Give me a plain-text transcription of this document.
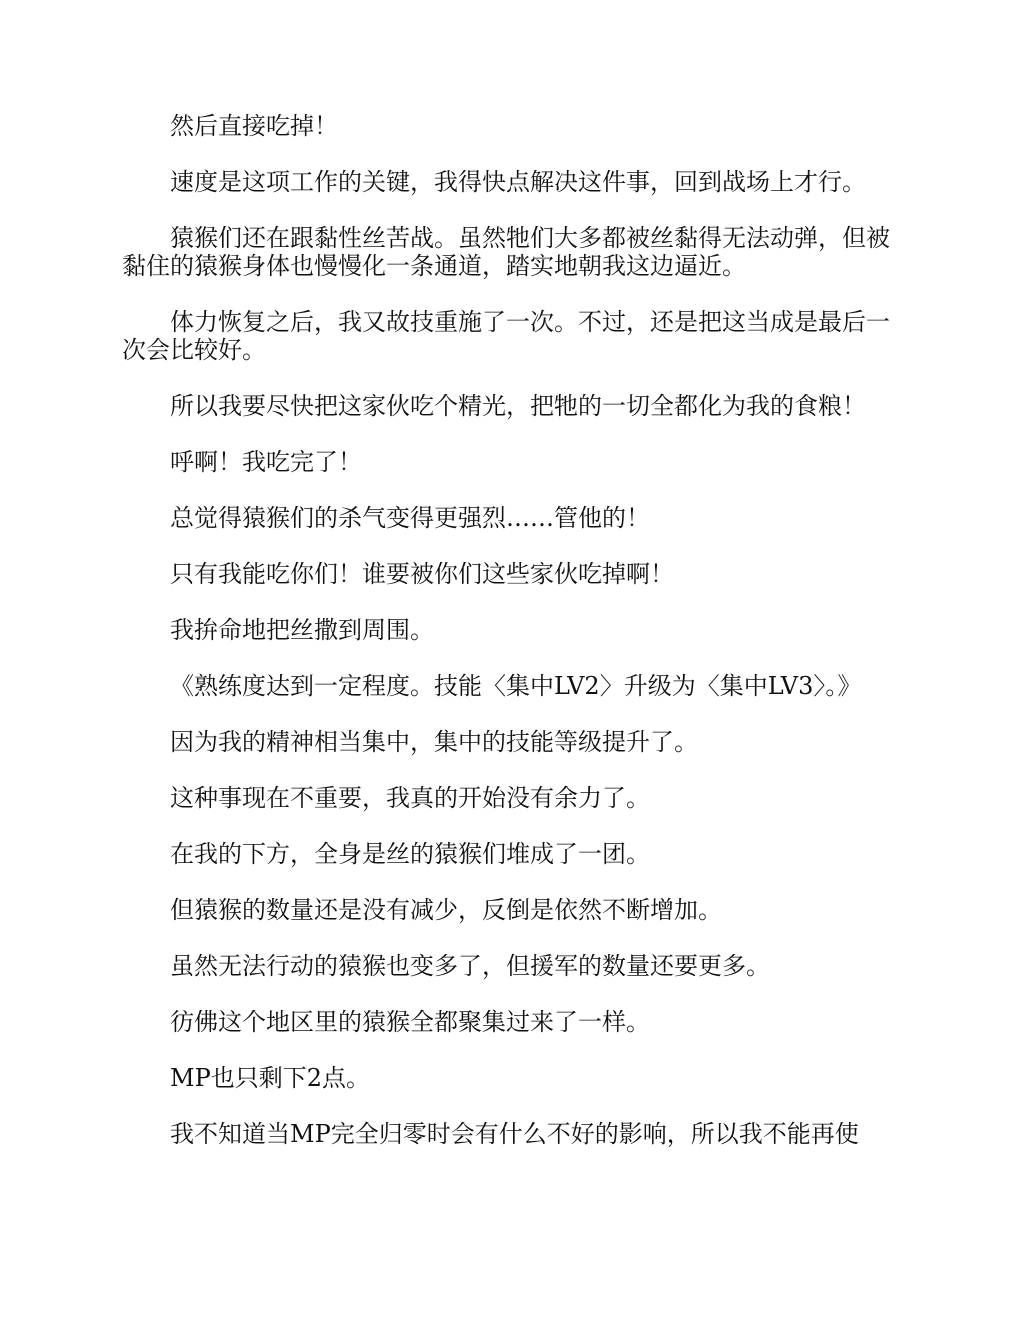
然后直接吃掉！

速度是这项工作的关键，我得快点解决这件事，回到战场上才行。

猿猴们还在跟黏性丝苦战。虽然牠们大多都被丝黏得无法动弹，但被黏住的猿猴身体也慢慢化一条通道，踏实地朝我这边逼近。

体力恢复之后，我又故技重施了一次。不过，还是把这当成是最后一次会比较好。

所以我要尽快把这家伙吃个精光，把牠的一切全都化为我的食粮！

呼啊！我吃完了！

总觉得猿猴们的杀气变得更强烈……管他的！

只有我能吃你们！谁要被你们这些家伙吃掉啊！

我拚命地把丝撒到周围。

《熟练度达到一定程度。技能〈集中LV2〉升级为〈集中LV3〉。》

因为我的精神相当集中，集中的技能等级提升了。

这种事现在不重要，我真的开始没有余力了。

在我的下方，全身是丝的猿猴们堆成了一团。

但猿猴的数量还是没有减少，反倒是依然不断增加。

虽然无法行动的猿猴也变多了，但援军的数量还要更多。

彷佛这个地区里的猿猴全都聚集过来了一样。

MP也只剩下2点。

我不知道当MP完全归零时会有什么不好的影响，所以我不能再使
